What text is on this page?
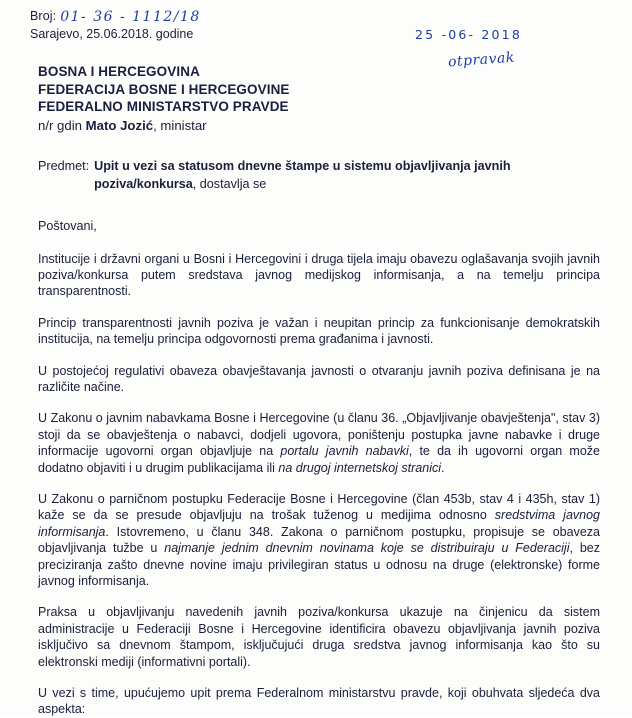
Broj: 01- 36 - 1112/18
Sarajevo, 25.06.2018. godine
BOSNA I HERCEGOVINA
FEDERACIJA BOSNE I HERCEGOVINE
FEDERALNO MINISTARSTVO PRAVDE
n/r gdin Mato Jozić, ministar
Predmet: Upit u vezi sa statusom dnevne štampe u sistemu objavljivanja javnih poziva/konkursa, dostavlja se
Poštovani,

Institucije i državni organi u Bosni i Hercegovini i druga tijela imaju obavezu oglašavanja svojih javnih poziva/konkursa putem sredstava javnog medijskog informisanja, a na temelju principa transparentnosti.

Princip transparentnosti javnih poziva je važan i neupitan princip za funkcionisanje demokratskih institucija, na temelju principa odgovornosti prema građanima i javnosti.

U postojećoj regulativi obaveza obavještavanja javnosti o otvaranju javnih poziva definisana je na različite načine.

U Zakonu o javnim nabavkama Bosne i Hercegovine (u članu 36. „Objavljivanje obavještenja", stav 3) stoji da se obavještenja o nabavci, dodjeli ugovora, poništenju postupka javne nabavke i druge informacije ugovorni organ objavljuje na portalu javnih nabavki, te da ih ugovorni organ može dodatno objaviti i u drugim publikacijama ili na drugoj internetskoj stranici.

U Zakonu o parničnom postupku Federacije Bosne i Hercegovine (član 453b, stav 4 i 435h, stav 1) kaže se da se presude objavljuju na trošak tuženog u medijima odnosno sredstvima javnog informisanja. Istovremeno, u članu 348. Zakona o parničnom postupku, propisuje se obaveza objavljivanja tužbe u najmanje jednim dnevnim novinama koje se distribuiraju u Federaciji, bez preciziranja zašto dnevne novine imaju privilegiran status u odnosu na druge (elektronske) forme javnog informisanja.

Praksa u objavljivanju navedenih javnih poziva/konkursa ukazuje na činjenicu da sistem administracije u Federaciji Bosne i Hercegovine identificira obavezu objavljivanja javnih poziva isključivo sa dnevnom štampom, isključujući druga sredstva javnog informisanja kao što su elektronski mediji (informativni portali).

U vezi s time, upućujemo upit prema Federalnom ministarstvu pravde, koji obuhvata sljedeća dva aspekta:

25 -06- 2018
otpravak
